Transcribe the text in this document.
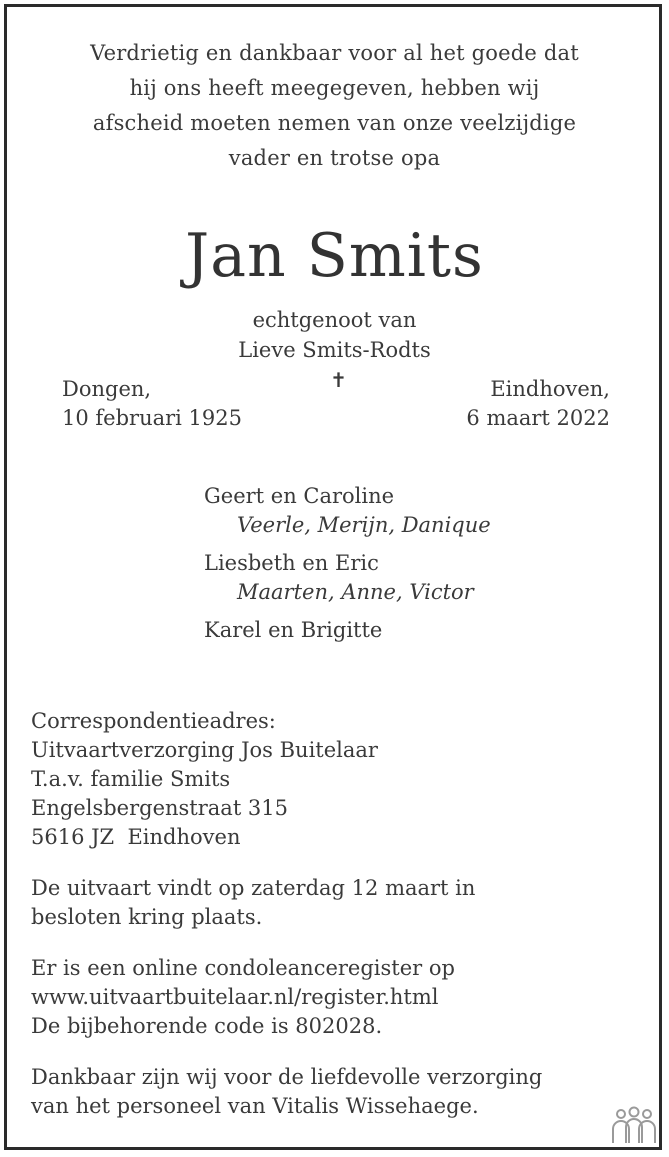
Verdrietig en dankbaar voor al het goede dat
hij ons heeft meegegeven, hebben wij
afscheid moeten nemen van onze veelzijdige
vader en trotse opa
Jan Smits
echtgenoot van
Lieve Smits-Rodts
✝
Dongen,
10 februari 1925
Eindhoven,
6 maart 2022
Geert en Caroline
Veerle, Merijn, Danique
Liesbeth en Eric
Maarten, Anne, Victor
Karel en Brigitte
Correspondentieadres:
Uitvaartverzorging Jos Buitelaar
T.a.v. familie Smits
Engelsbergenstraat 315
5616 JZ  Eindhoven
De uitvaart vindt op zaterdag 12 maart in
besloten kring plaats.
Er is een online condoleanceregister op
www.uitvaartbuitelaar.nl/register.html
De bijbehorende code is 802028.
Dankbaar zijn wij voor de liefdevolle verzorging
van het personeel van Vitalis Wissehaege.
